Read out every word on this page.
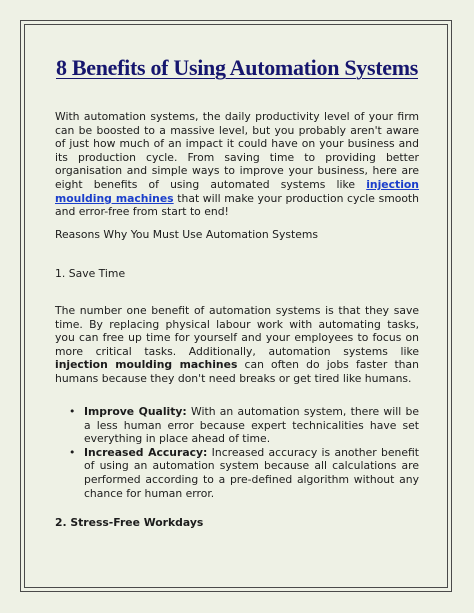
8 Benefits of Using Automation Systems

With automation systems, the daily productivity level of your firm can be boosted to a massive level, but you probably aren't aware of just how much of an impact it could have on your business and its production cycle. From saving time to providing better organisation and simple ways to improve your business, here are eight benefits of using automated systems like injection moulding machines that will make your production cycle smooth and error-free from start to end!

Reasons Why You Must Use Automation Systems
1. Save Time

The number one benefit of automation systems is that they save time. By replacing physical labour work with automating tasks, you can free up time for yourself and your employees to focus on more critical tasks. Additionally, automation systems like injection moulding machines can often do jobs faster than humans because they don't need breaks or get tired like humans.

• Improve Quality: With an automation system, there will be a less human error because expert technicalities have set everything in place ahead of time.
• Increased Accuracy: Increased accuracy is another benefit of using an automation system because all calculations are performed according to a pre-defined algorithm without any chance for human error.
2. Stress-Free Workdays
